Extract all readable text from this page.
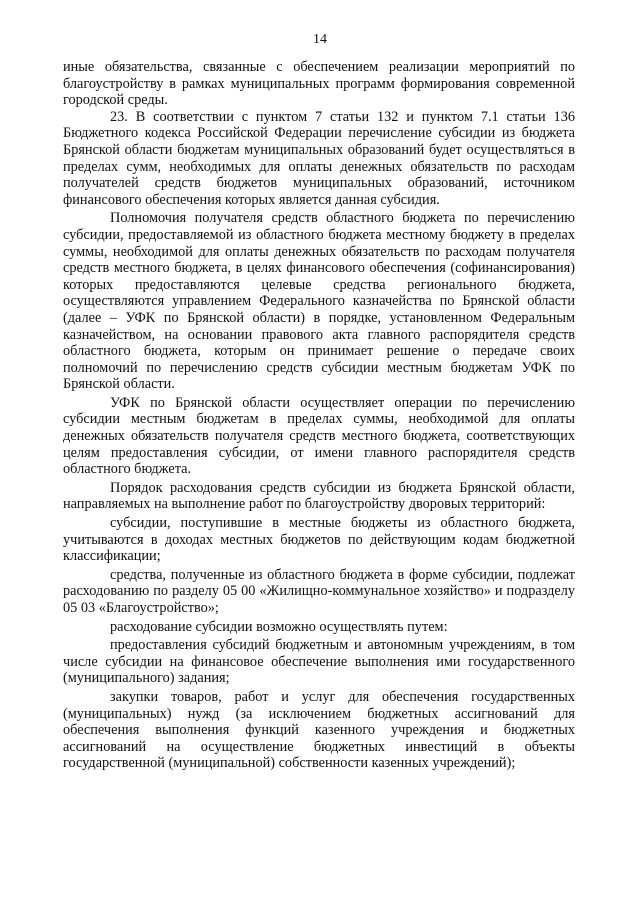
14

иные обязательства, связанные с обеспечением реализации мероприятий по благоустройству в рамках муниципальных программ формирования современной городской среды.

23. В соответствии с пунктом 7 статьи 132 и пунктом 7.1 статьи 136 Бюджетного кодекса Российской Федерации перечисление субсидии из бюджета Брянской области бюджетам муниципальных образований будет осуществляться в пределах сумм, необходимых для оплаты денежных обязательств по расходам получателей средств бюджетов муниципальных образований, источником финансового обеспечения которых является данная субсидия.

Полномочия получателя средств областного бюджета по перечислению субсидии, предоставляемой из областного бюджета местному бюджету в пределах суммы, необходимой для оплаты денежных обязательств по расходам получателя средств местного бюджета, в целях финансового обеспечения (софинансирования) которых предоставляются целевые средства регионального бюджета, осуществляются управлением Федерального казначейства по Брянской области (далее – УФК по Брянской области) в порядке, установленном Федеральным казначейством, на основании правового акта главного распорядителя средств областного бюджета, которым он принимает решение о передаче своих полномочий по перечислению средств субсидии местным бюджетам УФК по Брянской области.

УФК по Брянской области осуществляет операции по перечислению субсидии местным бюджетам в пределах суммы, необходимой для оплаты денежных обязательств получателя средств местного бюджета, соответствующих целям предоставления субсидии, от имени главного распорядителя средств областного бюджета.

Порядок расходования средств субсидии из бюджета Брянской области, направляемых на выполнение работ по благоустройству дворовых территорий:

субсидии, поступившие в местные бюджеты из областного бюджета, учитываются в доходах местных бюджетов по действующим кодам бюджетной классификации;

средства, полученные из областного бюджета в форме субсидии, подлежат расходованию по разделу 05 00 «Жилищно-коммунальное хозяйство» и подразделу 05 03 «Благоустройство»;

расходование субсидии возможно осуществлять путем:

предоставления субсидий бюджетным и автономным учреждениям, в том числе субсидии на финансовое обеспечение выполнения ими государственного (муниципального) задания;

закупки товаров, работ и услуг для обеспечения государственных (муниципальных) нужд (за исключением бюджетных ассигнований для обеспечения выполнения функций казенного учреждения и бюджетных ассигнований на осуществление бюджетных инвестиций в объекты государственной (муниципальной) собственности казенных учреждений);
